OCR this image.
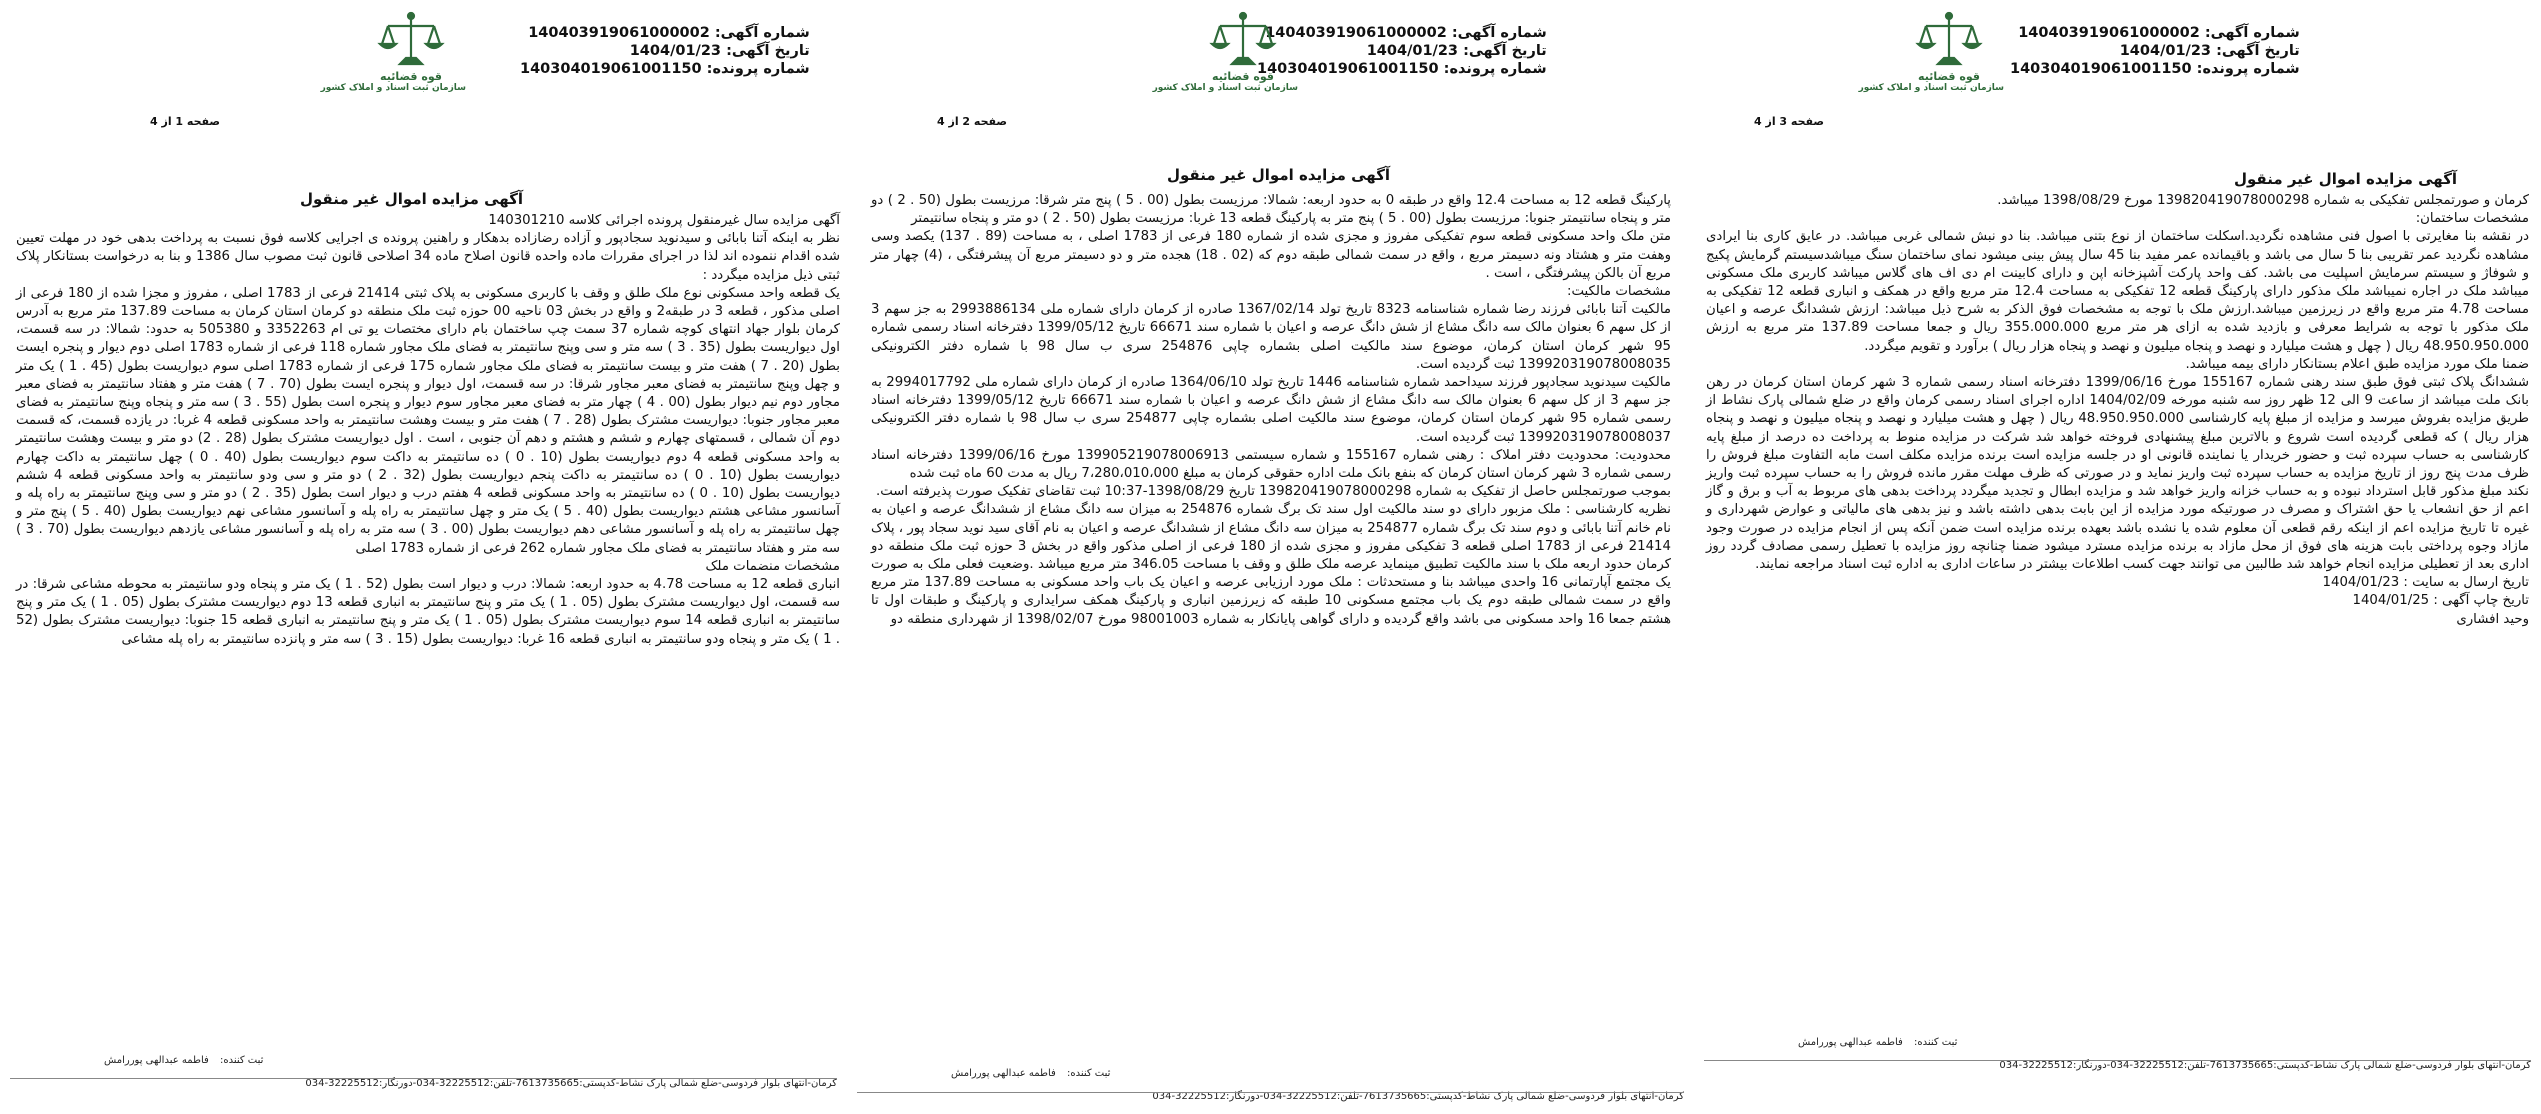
شماره آگهی: 140403919061000002
تاریخ آگهی: 1404/01/23
شماره پرونده: 140304019061001150
قوه قضائیه
سازمان ثبت اسناد و املاک کشور
صفحه 1 از 4
آگهی مزایده اموال غیر منقول

آگهی مزایده سال غیرمنقول پرونده اجرائی کلاسه 140301210

نظر به اینکه آتنا بابائی و سیدنوید سجادپور و آزاده رضازاده بدهکار و راهنین پرونده ی اجرایی کلاسه فوق نسبت به پرداخت بدهی خود در مهلت تعیین شده اقدام ننموده اند لذا در اجرای مقررات ماده واحده قانون اصلاح ماده 34 اصلاحی قانون ثبت مصوب سال 1386 و بنا به درخواست بستانکار پلاک ثبتی ذیل مزایده میگردد :

یک قطعه واحد مسکونی نوع ملک طلق و وقف با کاربری مسکونی به پلاک ثبتی 21414 فرعی از 1783 اصلی ، مفروز و مجزا شده از 180 فرعی از اصلی مذکور ، قطعه 3 در طبقه2 و واقع در بخش 03 ناحیه 00 حوزه ثبت ملک منطقه دو کرمان استان کرمان به مساحت 137.89 متر مربع به آدرس کرمان بلوار جهاد انتهای کوچه شماره 37 سمت چپ ساختمان بام دارای مختصات یو تی ام 3352263 و 505380 به حدود: شمالا: در سه قسمت، اول دیواریست بطول (35 . 3 ) سه متر و سی وپنج سانتیمتر به فضای ملک مجاور شماره 118 فرعی از شماره 1783 اصلی دوم دیوار و پنجره ایست بطول (20 . 7 ) هفت متر و بیست سانتیمتر به فضای ملک مجاور شماره 175 فرعی از شماره 1783 اصلی سوم دیواریست بطول (45 . 1 ) یک متر و چهل وپنج سانتیمتر به فضای معبر مجاور شرقا: در سه قسمت، اول دیوار و پنجره ایست بطول (70 . 7 ) هفت متر و هفتاد سانتیمتر به فضای معبر مجاور دوم نیم دیوار بطول (00 . 4 ) چهار متر به فضای معبر مجاور سوم دیوار و پنجره است بطول (55 . 3 ) سه متر و پنجاه وپنج سانتیمتر به فضای معبر مجاور جنوبا: دیواریست مشترک بطول (28 . 7 ) هفت متر و بیست وهشت سانتیمتر به واحد مسکونی قطعه 4 غربا: در یازده قسمت، که قسمت دوم آن شمالی ، قسمتهای چهارم و ششم و هشتم و دهم آن جنوبی ، است . اول دیواریست مشترک بطول (28 . 2) دو متر و بیست وهشت سانتیمتر به واحد مسکونی قطعه 4 دوم دیواریست بطول (10 . 0 ) ده سانتیمتر به داکت سوم دیواریست بطول (40 . 0 ) چهل سانتیمتر به داکت چهارم دیواریست بطول (10 . 0 ) ده سانتیمتر به داکت پنجم دیواریست بطول (32 . 2 ) دو متر و سی ودو سانتیمتر به واحد مسکونی قطعه 4 ششم دیواریست بطول (10 . 0 ) ده سانتیمتر به واحد مسکونی قطعه 4 هفتم درب و دیوار است بطول (35 . 2 ) دو متر و سی وپنج سانتیمتر به راه پله و آسانسور مشاعی هشتم دیواریست بطول (40 . 5 ) یک متر و چهل سانتیمتر به راه پله و آسانسور مشاعی نهم دیواریست بطول (40 . 5 ) پنج متر و چهل سانتیمتر به راه پله و آسانسور مشاعی دهم دیواریست بطول (00 . 3 ) سه متر به راه پله و آسانسور مشاعی یازدهم دیواریست بطول (70 . 3 ) سه متر و هفتاد سانتیمتر به فضای ملک مجاور شماره 262 فرعی از شماره 1783 اصلی

مشخصات منضمات ملک

انباری قطعه 12 به مساحت 4.78 به حدود اربعه: شمالا: درب و دیوار است بطول (52 . 1 ) یک متر و پنجاه ودو سانتیمتر به محوطه مشاعی شرقا: در سه قسمت، اول دیواریست مشترک بطول (05 . 1 ) یک متر و پنج سانتیمتر به انباری قطعه 13 دوم دیواریست مشترک بطول (05 . 1 ) یک متر و پنج سانتیمتر به انباری قطعه 14 سوم دیواریست مشترک بطول (05 . 1 ) یک متر و پنج سانتیمتر به انباری قطعه 15 جنوبا: دیواریست مشترک بطول (52 . 1 ) یک متر و پنجاه ودو سانتیمتر به انباری قطعه 16 غربا: دیواریست بطول (15 . 3 ) سه متر و پانزده سانتیمتر به راه پله مشاعی

ثبت کننده: فاطمه عبدالهی پوررامش
کرمان-انتهای بلوار فردوسی-ضلع شمالی پارک نشاط-کدپستی:7613735665-تلفن:32225512-034-دورنگار:32225512-034
شماره آگهی: 140403919061000002
تاریخ آگهی: 1404/01/23
شماره پرونده: 140304019061001150
قوه قضائیه
سازمان ثبت اسناد و املاک کشور
صفحه 2 از 4
آگهی مزایده اموال غیر منقول

پارکینگ قطعه 12 به مساحت 12.4 واقع در طبقه 0 به حدود اربعه: شمالا: مرزیست بطول (00 . 5 ) پنج متر شرقا: مرزیست بطول (50 . 2 ) دو متر و پنجاه سانتیمتر جنوبا: مرزیست بطول (00 . 5 ) پنج متر به پارکینگ قطعه 13 غربا: مرزیست بطول (50 . 2 ) دو متر و پنجاه سانتیمتر

متن ملک واحد مسکونی قطعه سوم تفکیکی مفروز و مجزی شده از شماره 180 فرعی از 1783 اصلی ، به مساحت (89 . 137) یکصد وسی وهفت متر و هشتاد ونه دسیمتر مربع ، واقع در سمت شمالی طبقه دوم که (02 . 18) هجده متر و دو دسیمتر مربع آن پیشرفتگی ، (4) چهار متر مربع آن بالکن پیشرفتگی ، است .

مشخصات مالکیت:

مالکیت آتنا بابائی فرزند رضا شماره شناسنامه 8323 تاریخ تولد 1367/02/14 صادره از کرمان دارای شماره ملی 2993886134 به جز سهم 3 از کل سهم 6 بعنوان مالک سه دانگ مشاع از شش دانگ عرصه و اعیان با شماره سند 66671 تاریخ 1399/05/12 دفترخانه اسناد رسمی شماره 95 شهر کرمان استان کرمان، موضوع سند مالکیت اصلی بشماره چاپی 254876 سری ب سال 98 با شماره دفتر الکترونیکی 139920319078008035 ثبت گردیده است.

مالکیت سیدنوید سجادپور فرزند سیداحمد شماره شناسنامه 1446 تاریخ تولد 1364/06/10 صادره از کرمان دارای شماره ملی 2994017792 به جز سهم 3 از کل سهم 6 بعنوان مالک سه دانگ مشاع از شش دانگ عرصه و اعیان با شماره سند 66671 تاریخ 1399/05/12 دفترخانه اسناد رسمی شماره 95 شهر کرمان استان کرمان، موضوع سند مالکیت اصلی بشماره چاپی 254877 سری ب سال 98 با شماره دفتر الکترونیکی 139920319078008037 ثبت گردیده است.

محدودیت: محدودیت دفتر املاک : رهنی شماره 155167 و شماره سیستمی 139905219078006913 مورخ 1399/06/16 دفترخانه اسناد رسمی شماره 3 شهر کرمان استان کرمان که بنفع بانک ملت اداره حقوقی کرمان به مبلغ 7،280،010،000 ریال به مدت 60 ماه ثبت شده

بموجب صورتمجلس حاصل از تفکیک به شماره 139820419078000298 تاریخ 1398/08/29-10:37 ثبت تقاضای تفکیک صورت پذیرفته است.

نظریه کارشناسی : ملک مزبور دارای دو سند مالکیت اول سند تک برگ شماره 254876 به میزان سه دانگ مشاع از ششدانگ عرصه و اعیان به نام خانم آتنا بابائی و دوم سند تک برگ شماره 254877 به میزان سه دانگ مشاع از ششدانگ عرصه و اعیان به نام آقای سید نوید سجاد پور ، پلاک 21414 فرعی از 1783 اصلی قطعه 3 تفکیکی مفروز و مجزی شده از 180 فرعی از اصلی مذکور واقع در بخش 3 حوزه ثبت ملک منطقه دو کرمان حدود اربعه ملک با سند مالکیت تطبیق مینماید عرصه ملک طلق و وقف با مساحت 346.05 متر مربع میباشد .وضعیت فعلی ملک به صورت یک مجتمع آپارتمانی 16 واحدی میباشد بنا و مستحدثات : ملک مورد ارزیابی عرصه و اعیان یک باب واحد مسکونی به مساحت 137.89 متر مربع واقع در سمت شمالی طبقه دوم یک باب مجتمع مسکونی 10 طبقه که زیرزمین انباری و پارکینگ همکف سرایداری و پارکینگ و طبقات اول تا هشتم جمعا 16 واحد مسکونی می باشد واقع گردیده و دارای گواهی پایانکار به شماره 98001003 مورخ 1398/02/07 از شهرداری منطقه دو

ثبت کننده: فاطمه عبدالهی پوررامش
کرمان-انتهای بلوار فردوسی-ضلع شمالی پارک نشاط-کدپستی:7613735665-تلفن:32225512-034-دورنگار:32225512-034
شماره آگهی: 140403919061000002
تاریخ آگهی: 1404/01/23
شماره پرونده: 140304019061001150
قوه قضائیه
سازمان ثبت اسناد و املاک کشور
صفحه 3 از 4
آگهی مزایده اموال غیر منقول

کرمان و صورتمجلس تفکیکی به شماره 139820419078000298 مورخ 1398/08/29 میباشد.

مشخصات ساختمان:

در نقشه بنا مغایرتی با اصول فنی مشاهده نگردید.اسکلت ساختمان از نوع بتنی میباشد. بنا دو نبش شمالی غربی میباشد. در عایق کاری بنا ایرادی مشاهده نگردید عمر تقریبی بنا 5 سال می باشد و باقیمانده عمر مفید بنا 45 سال پیش بینی میشود نمای ساختمان سنگ میباشدسیستم گرمایش پکیج و شوفاژ و سیستم سرمایش اسپلیت می باشد. کف واحد پارکت آشپزخانه اپن و دارای کابینت ام دی اف های گلاس میباشد کاربری ملک مسکونی میباشد ملک در اجاره نمیباشد ملک مذکور دارای پارکینگ قطعه 12 تفکیکی به مساحت 12.4 متر مربع واقع در همکف و انباری قطعه 12 تفکیکی به مساحت 4.78 متر مربع واقع در زیرزمین میباشد.ارزش ملک با توجه به مشخصات فوق الذکر به شرح ذیل میباشد: ارزش ششدانگ عرصه و اعیان ملک مذکور با توجه به شرایط معرفی و بازدید شده به ازای هر متر مربع 355.000.000 ریال و جمعا مساحت 137.89 متر مربع به ارزش 48.950.950.000 ریال ( چهل و هشت میلیارد و نهصد و پنجاه میلیون و نهصد و پنجاه هزار ریال ) برآورد و تقویم میگردد.

ضمنا ملک مورد مزایده طبق اعلام بستانکار دارای بیمه میباشد.

ششدانگ پلاک ثبتی فوق طبق سند رهنی شماره 155167 مورخ 1399/06/16 دفترخانه اسناد رسمی شماره 3 شهر کرمان استان کرمان در رهن بانک ملت میباشد از ساعت 9 الی 12 ظهر روز سه شنبه مورخه 1404/02/09 اداره اجرای اسناد رسمی کرمان واقع در ضلع شمالی پارک نشاط از طریق مزایده بفروش میرسد و مزایده از مبلغ پایه کارشناسی 48.950.950.000 ریال ( چهل و هشت میلیارد و نهصد و پنجاه میلیون و نهصد و پنجاه هزار ریال ) که قطعی گردیده است شروع و بالاترین مبلغ پیشنهادی فروخته خواهد شد شرکت در مزایده منوط به پرداخت ده درصد از مبلغ پایه کارشناسی به حساب سپرده ثبت و حضور خریدار یا نماینده قانونی او در جلسه مزایده است برنده مزایده مکلف است مابه التفاوت مبلغ فروش را ظرف مدت پنج روز از تاریخ مزایده به حساب سپرده ثبت واریز نماید و در صورتی که ظرف مهلت مقرر مانده فروش را به حساب سپرده ثبت واریز نکند مبلغ مذکور قابل استرداد نبوده و به حساب خزانه واریز خواهد شد و مزایده ابطال و تجدید میگردد پرداخت بدهی های مربوط به آب و برق و گاز اعم از حق انشعاب یا حق اشتراک و مصرف در صورتیکه مورد مزایده از این بابت بدهی داشته باشد و نیز بدهی های مالیاتی و عوارض شهرداری و غیره تا تاریخ مزایده اعم از اینکه رقم قطعی آن معلوم شده یا نشده باشد بعهده برنده مزایده است ضمن آنکه پس از انجام مزایده در صورت وجود مازاد وجوه پرداختی بابت هزینه های فوق از محل مازاد به برنده مزایده مسترد میشود ضمنا چنانچه روز مزایده با تعطیل رسمی مصادف گردد روز اداری بعد از تعطیلی مزایده انجام خواهد شد طالبین می توانند جهت کسب اطلاعات بیشتر در ساعات اداری به اداره ثبت اسناد مراجعه نمایند.

تاریخ ارسال به سایت : 1404/01/23

تاریخ چاپ آگهی : 1404/01/25

وحید افشاری

ثبت کننده: فاطمه عبدالهی پوررامش
کرمان-انتهای بلوار فردوسی-ضلع شمالی پارک نشاط-کدپستی:7613735665-تلفن:32225512-034-دورنگار:32225512-034
